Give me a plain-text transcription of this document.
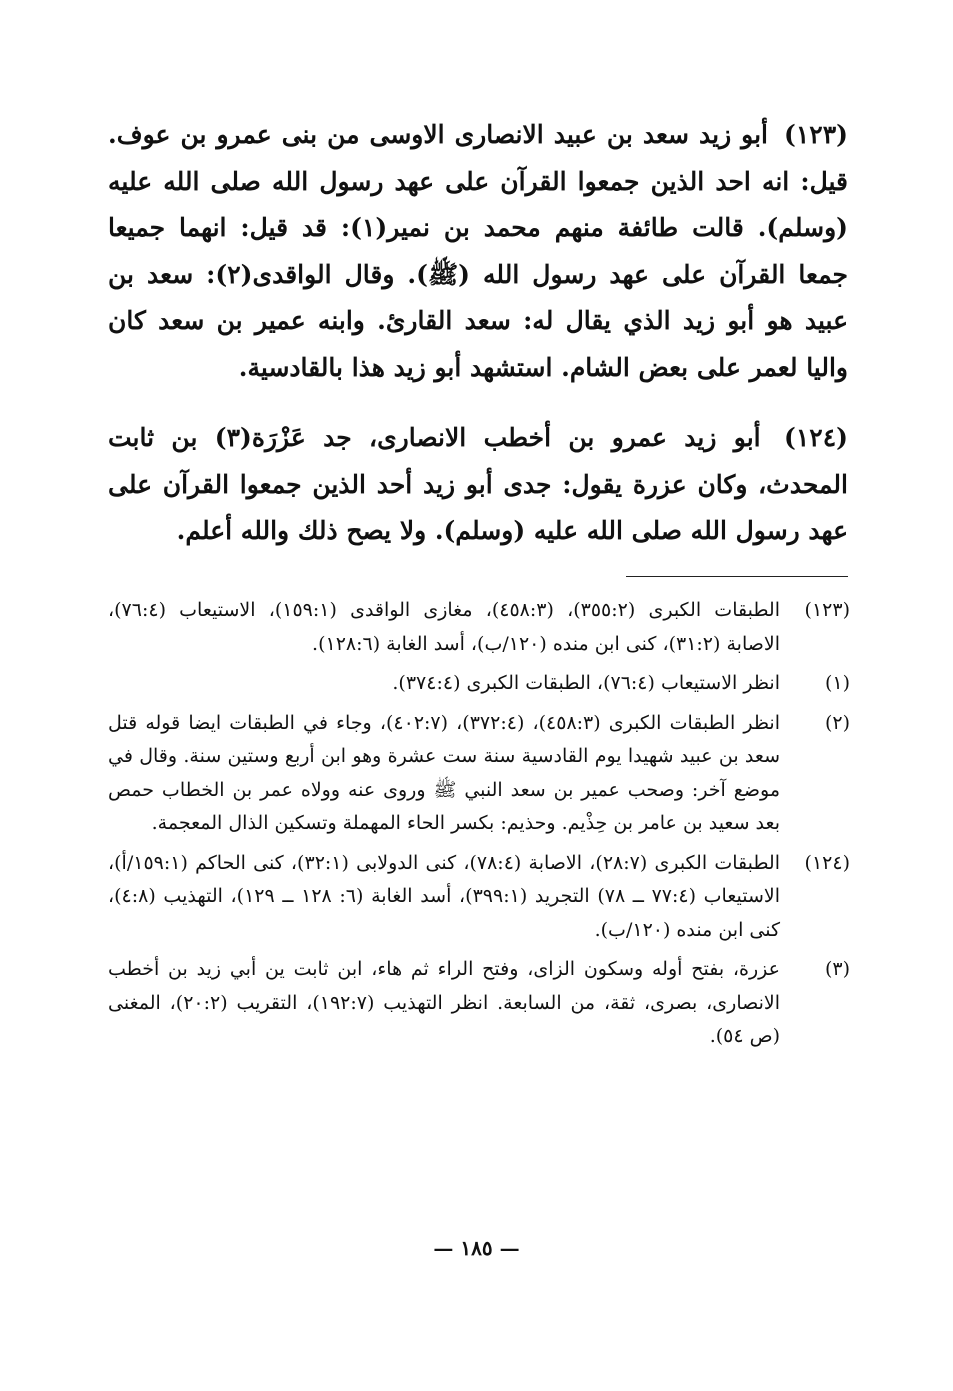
(١٢٣) أبو زيد سعد بن عبيد الانصارى الاوسى من بنى عمرو بن عوف. قيل: انه احد الذين جمعوا القرآن على عهد رسول الله صلى الله عليه (وسلم). قالت طائفة منهم محمد بن نمير(١): قد قيل: انهما جميعا جمعا القرآن على عهد رسول الله (ﷺ). وقال الواقدى(٢): سعد بن عبيد هو أبو زيد الذي يقال له: سعد القارئ. وابنه عمير بن سعد كان واليا لعمر على بعض الشام. استشهد أبو زيد هذا بالقادسية.

(١٢٤) أبو زيد عمرو بن أخطب الانصارى، جد عَزْرَة(٣) بن ثابت المحدث، وكان عزرة يقول: جدى أبو زيد أحد الذين جمعوا القرآن على عهد رسول الله صلى الله عليه (وسلم). ولا يصح ذلك والله أعلم.

(١٢٣)
الطبقات الكبرى (٣٥٥:٢)، (٤٥٨:٣)، مغازى الواقدى (١٥٩:١)، الاستيعاب (٧٦:٤)، الاصابة (٣١:٢)، كنى ابن منده (١٢٠/ب)، أسد الغابة (١٢٨:٦).
(١)
انظر الاستيعاب (٧٦:٤)، الطبقات الكبرى (٣٧٤:٤).
(٢)
انظر الطبقات الكبرى (٤٥٨:٣)، (٣٧٢:٤)، (٤٠٢:٧)، وجاء في الطبقات ايضا قوله قتل سعد بن عبيد شهيدا يوم القادسية سنة ست عشرة وهو ابن أربع وستين سنة. وقال في موضع آخر: وصحب عمير بن سعد النبي ﷺ وروى عنه وولاه عمر بن الخطاب حمص بعد سعيد بن عامر بن حِذْيم. وحذيم: بكسر الحاء المهملة وتسكين الذال المعجمة.
(١٢٤)
الطبقات الكبرى (٢٨:٧)، الاصابة (٧٨:٤)، كنى الدولابى (٣٢:١)، كنى الحاكم (١٥٩:١/أ)، الاستيعاب (٧٧:٤ ــ ٧٨) التجريد (٣٩٩:١)، أسد الغابة (٦: ١٢٨ ــ ١٢٩)، التهذيب (٤:٨)، كنى ابن منده (١٢٠/ب).
(٣)
عزرة، بفتح أوله وسكون الزاى، وفتح الراء ثم هاء، ابن ثابت ين أبي زيد بن أخطب الانصارى، بصرى، ثقة، من السابعة. انظر التهذيب (١٩٢:٧)، التقريب (٢٠:٢)، المغنى (ص ٥٤).
— ١٨٥ —
